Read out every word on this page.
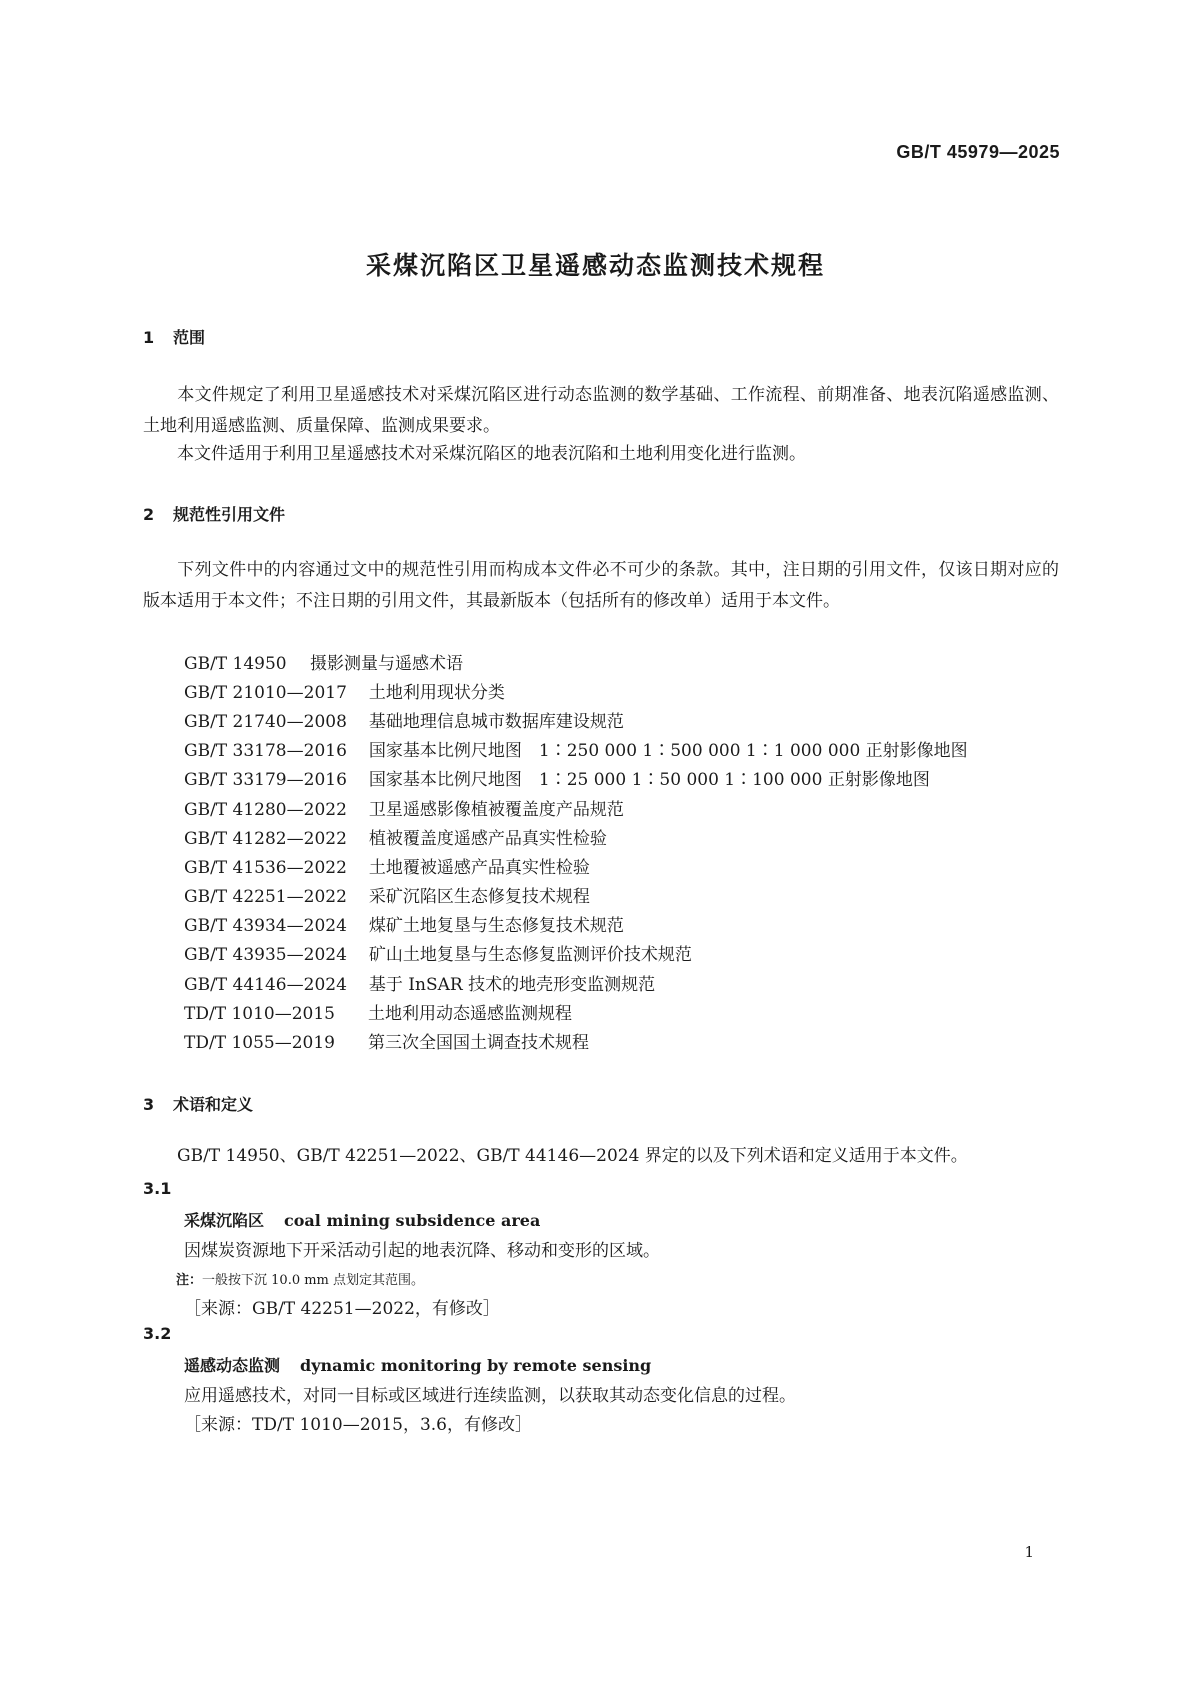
GB/T 45979—2025
采煤沉陷区卫星遥感动态监测技术规程
1 范围
本文件规定了利用卫星遥感技术对采煤沉陷区进行动态监测的数学基础、工作流程、前期准备、地表沉陷遥感监测、土地利用遥感监测、质量保障、监测成果要求。
本文件适用于利用卫星遥感技术对采煤沉陷区的地表沉陷和土地利用变化进行监测。
2 规范性引用文件
下列文件中的内容通过文中的规范性引用而构成本文件必不可少的条款。其中，注日期的引用文件，仅该日期对应的版本适用于本文件；不注日期的引用文件，其最新版本（包括所有的修改单）适用于本文件。
GB/T 14950 摄影测量与遥感术语
GB/T 21010—2017 土地利用现状分类
GB/T 21740—2008 基础地理信息城市数据库建设规范
GB/T 33178—2016 国家基本比例尺地图　1∶250 000 1∶500 000 1∶1 000 000 正射影像地图
GB/T 33179—2016 国家基本比例尺地图　1∶25 000 1∶50 000 1∶100 000 正射影像地图
GB/T 41280—2022 卫星遥感影像植被覆盖度产品规范
GB/T 41282—2022 植被覆盖度遥感产品真实性检验
GB/T 41536—2022 土地覆被遥感产品真实性检验
GB/T 42251—2022 采矿沉陷区生态修复技术规程
GB/T 43934—2024 煤矿土地复垦与生态修复技术规范
GB/T 43935—2024 矿山土地复垦与生态修复监测评价技术规范
GB/T 44146—2024 基于 InSAR 技术的地壳形变监测规范
TD/T 1010—2015 土地利用动态遥感监测规程
TD/T 1055—2019 第三次全国国土调查技术规程
3 术语和定义
GB/T 14950、GB/T 42251—2022、GB/T 44146—2024 界定的以及下列术语和定义适用于本文件。
3.1
采煤沉陷区 coal mining subsidence area
因煤炭资源地下开采活动引起的地表沉降、移动和变形的区域。
注：一般按下沉 10.0 mm 点划定其范围。
［来源：GB/T 42251—2022，有修改］
3.2
遥感动态监测 dynamic monitoring by remote sensing
应用遥感技术，对同一目标或区域进行连续监测，以获取其动态变化信息的过程。
［来源：TD/T 1010—2015，3.6，有修改］
1
